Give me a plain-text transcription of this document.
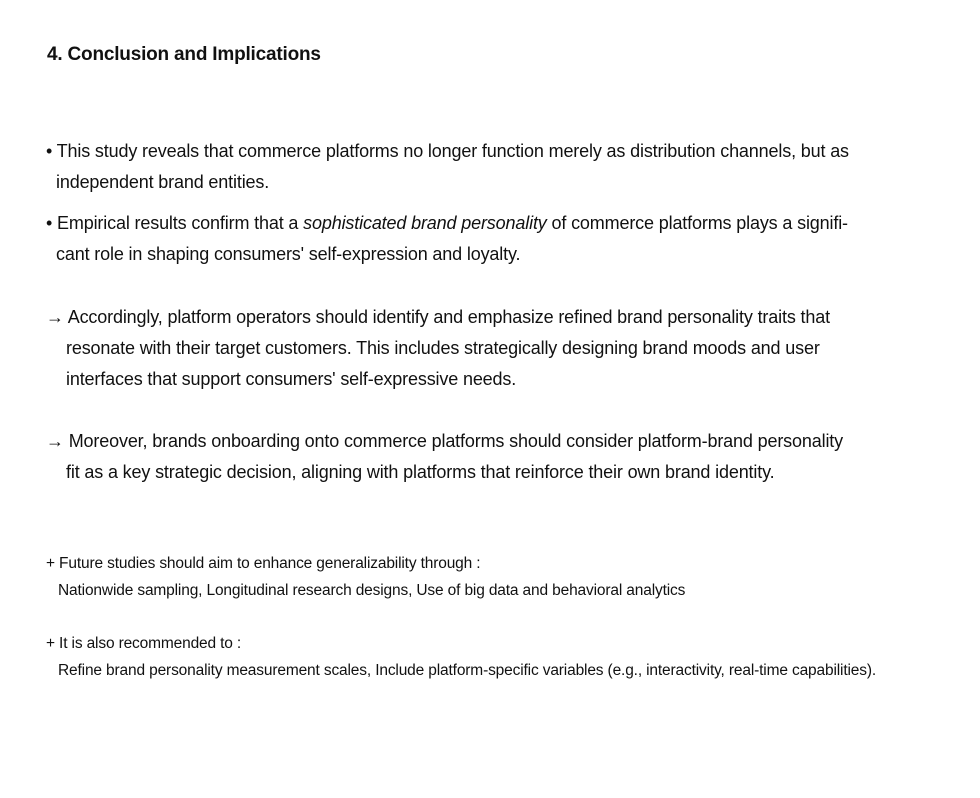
4. Conclusion and Implications
• This study reveals that commerce platforms no longer function merely as distribution channels, but as
independent brand entities.
• Empirical results confirm that a sophisticated brand personality of commerce platforms plays a signifi-
cant role in shaping consumers' self-expression and loyalty.
→ Accordingly, platform operators should identify and emphasize refined brand personality traits that
resonate with their target customers. This includes strategically designing brand moods and user
interfaces that support consumers' self-expressive needs.
→ Moreover, brands onboarding onto commerce platforms should consider platform-brand personality
fit as a key strategic decision, aligning with platforms that reinforce their own brand identity.
+ Future studies should aim to enhance generalizability through :
Nationwide sampling, Longitudinal research designs, Use of big data and behavioral analytics
+ It is also recommended to :
Refine brand personality measurement scales, Include platform-specific variables (e.g., interactivity, real-time capabilities).
